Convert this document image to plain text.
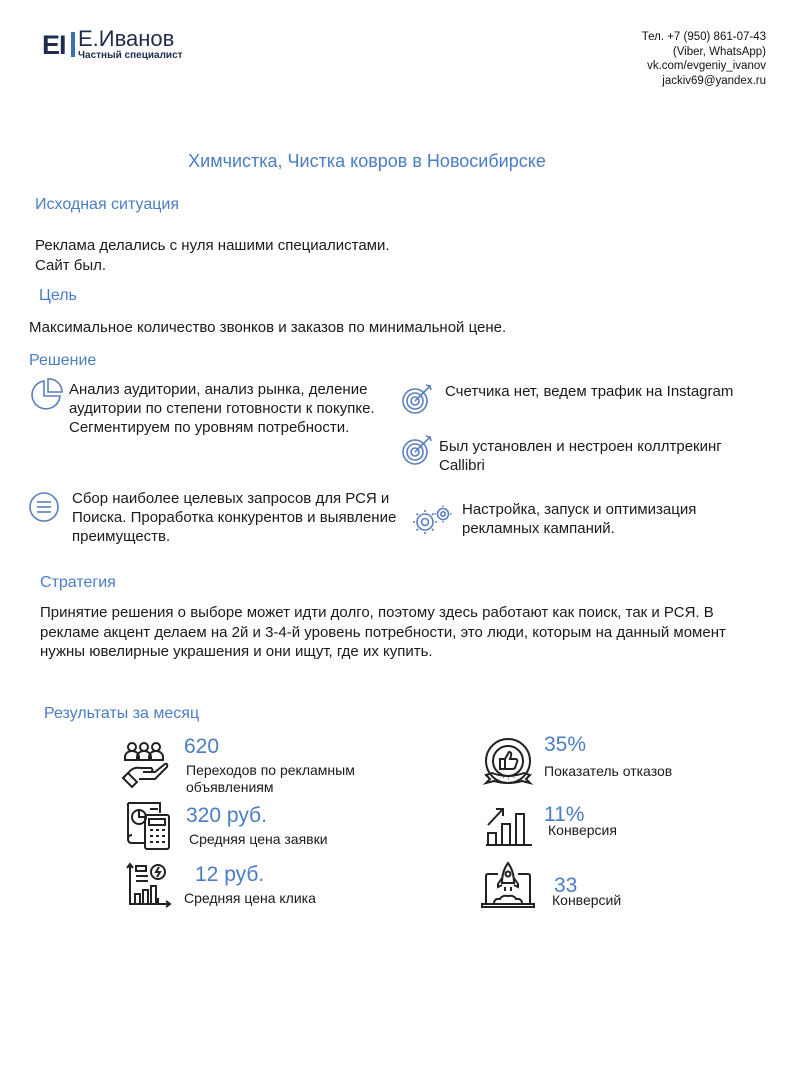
ЕІ Е.Иванов
Частный специалист
Тел. +7 (950) 861-07-43
(Viber, WhatsApp)
vk.com/evgeniy_ivanov
jackiv69@yandex.ru
Химчистка, Чистка ковров в Новосибирске
Исходная ситуация
Реклама делались с нуля нашими специалистами.
Сайт был.
Цель
Максимальное количество звонков и заказов по минимальной цене.
Решение
Анализ аудитории, анализ рынка, деление аудитории по степени готовности к покупке. Сегментируем по уровням потребности.
Сбор наиболее целевых запросов для РСЯ и Поиска. Проработка конкурентов и выявление преимуществ.
Счетчика нет, ведем трафик на Instagram
Был установлен и нестроен коллтрекинг Callibri
Настройка, запуск и оптимизация рекламных кампаний.
Стратегия
Принятие решения о выборе может идти долго, поэтому здесь работают как поиск, так и РСЯ. В рекламе акцент делаем на 2й и 3-4-й уровень потребности, это люди, которым на данный момент нужны ювелирные украшения и они ищут, где их купить.
Результаты за месяц
620
Переходов по рекламным объявлениям
320 руб.
Средняя цена заявки
12 руб.
Средняя цена клика
35%
Показатель отказов
11%
Конверсия
33
Конверсий
